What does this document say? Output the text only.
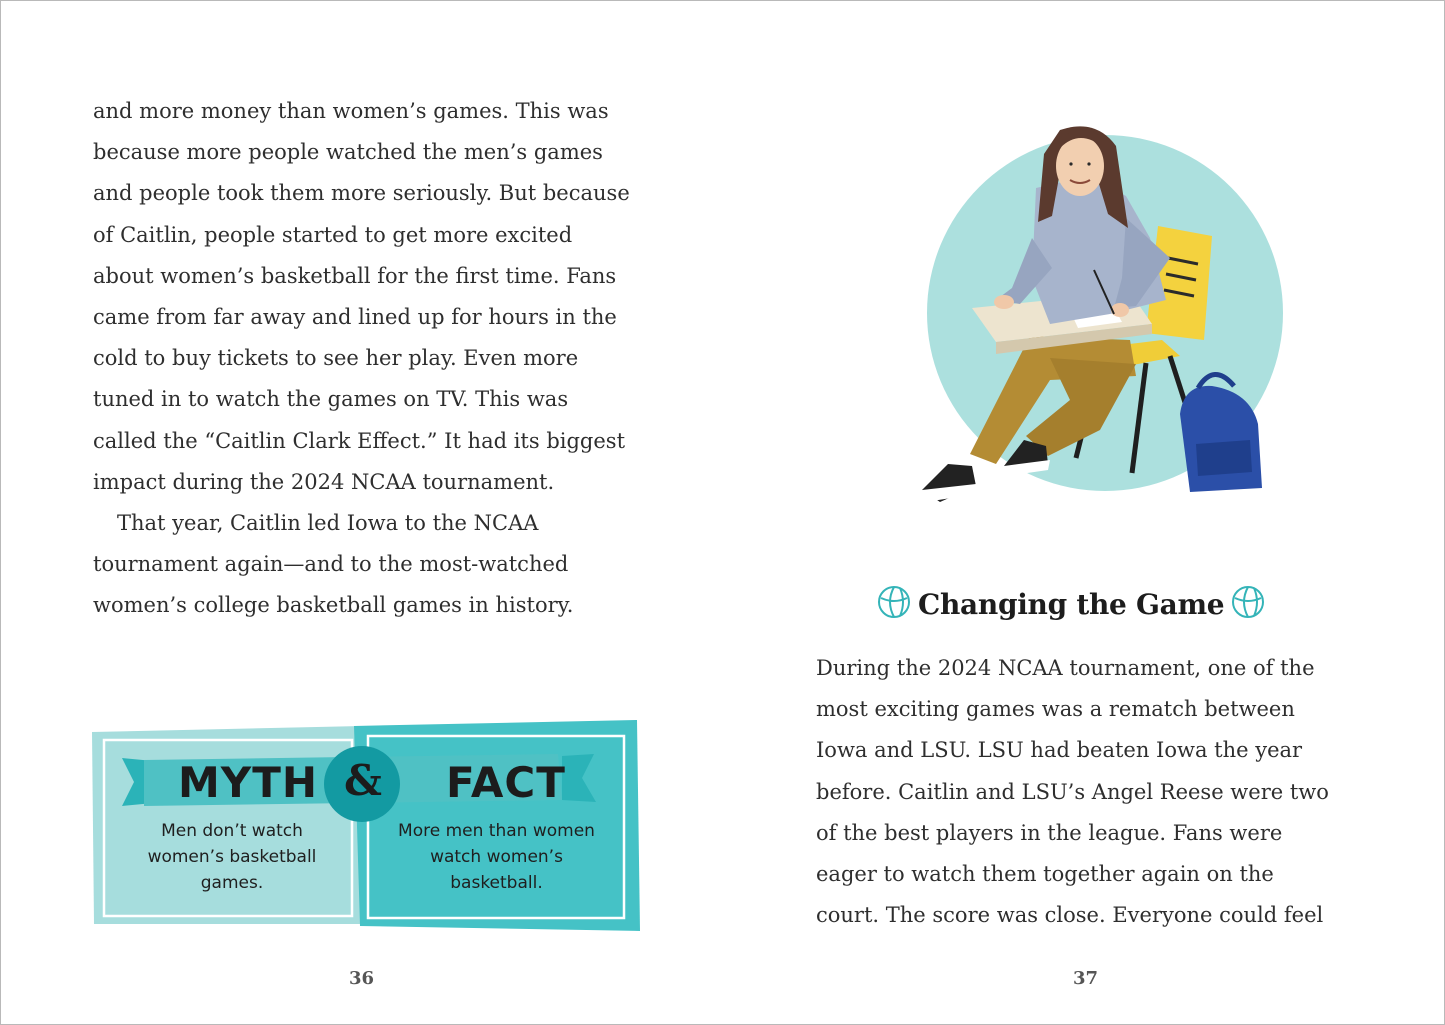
and more money than women’s games. This was because more people watched the men’s games and people took them more seriously. But because of Caitlin, people started to get more excited about women’s basketball for the first time. Fans came from far away and lined up for hours in the cold to buy tickets to see her play. Even more tuned in to watch the games on TV. This was called the “Caitlin Clark Effect.” It had its biggest impact during the 2024 NCAA tournament.

That year, Caitlin led Iowa to the NCAA tournament again—and to the most-watched women’s college basketball games in history.

MYTH & FACT
Men don’t watch women’s basketball games.
More men than women watch women’s basketball.
36
Changing the Game

During the 2024 NCAA tournament, one of the most exciting games was a rematch between Iowa and LSU. LSU had beaten Iowa the year before. Caitlin and LSU’s Angel Reese were two of the best players in the league. Fans were eager to watch them together again on the court. The score was close. Everyone could feel

37
